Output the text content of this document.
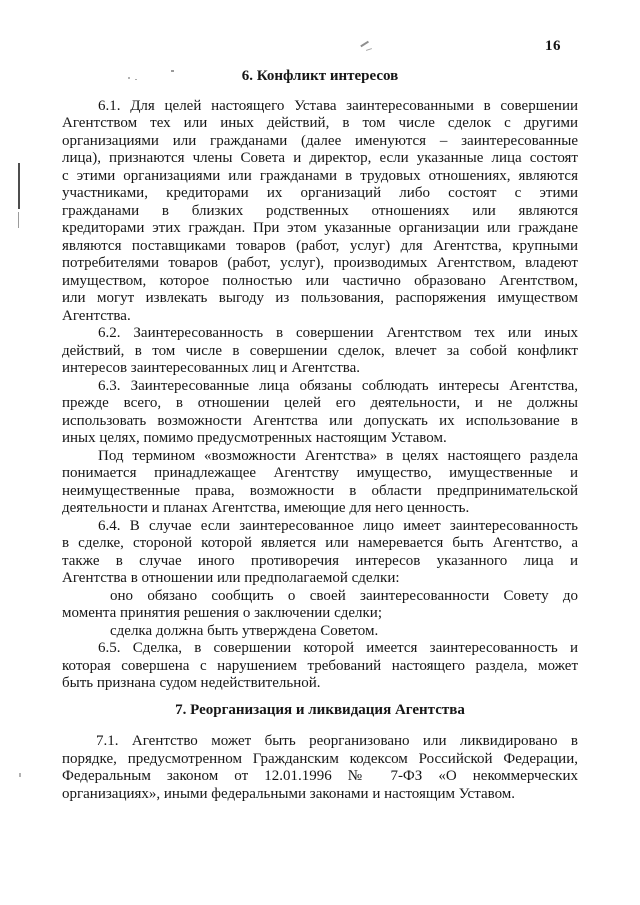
16
6. Конфликт интересов
6.1. Для целей настоящего Устава заинтересованными в совершении
Агентством тех или иных действий, в том числе сделок с другими
организациями или гражданами (далее именуются – заинтересованные
лица), признаются члены Совета и директор, если указанные лица состоят
с этими организациями или гражданами в трудовых отношениях, являются
участниками, кредиторами их организаций либо состоят с этими
гражданами в близких родственных отношениях или являются
кредиторами этих граждан. При этом указанные организации или граждане
являются поставщиками товаров (работ, услуг) для Агентства, крупными
потребителями товаров (работ, услуг), производимых Агентством, владеют
имуществом, которое полностью или частично образовано Агентством,
или могут извлекать выгоду из пользования, распоряжения имуществом
Агентства.
6.2. Заинтересованность в совершении Агентством тех или иных
действий, в том числе в совершении сделок, влечет за собой конфликт
интересов заинтересованных лиц и Агентства.
6.3. Заинтересованные лица обязаны соблюдать интересы Агентства,
прежде всего, в отношении целей его деятельности, и не должны
использовать возможности Агентства или допускать их использование в
иных целях, помимо предусмотренных настоящим Уставом.
Под термином «возможности Агентства» в целях настоящего раздела
понимается принадлежащее Агентству имущество, имущественные и
неимущественные права, возможности в области предпринимательской
деятельности и планах Агентства, имеющие для него ценность.
6.4. В случае если заинтересованное лицо имеет заинтересованность
в сделке, стороной которой является или намеревается быть Агентство, а
также в случае иного противоречия интересов указанного лица и
Агентства в отношении или предполагаемой сделки:
оно обязано сообщить о своей заинтересованности Совету до
момента принятия решения о заключении сделки;
сделка должна быть утверждена Советом.
6.5. Сделка, в совершении которой имеется заинтересованность и
которая совершена с нарушением требований настоящего раздела, может
быть признана судом недействительной.
7. Реорганизация и ликвидация Агентства
7.1. Агентство может быть реорганизовано или ликвидировано в
порядке, предусмотренном Гражданским кодексом Российской Федерации,
Федеральным законом от 12.01.1996 № 7-ФЗ «О некоммерческих
организациях», иными федеральными законами и настоящим Уставом.
